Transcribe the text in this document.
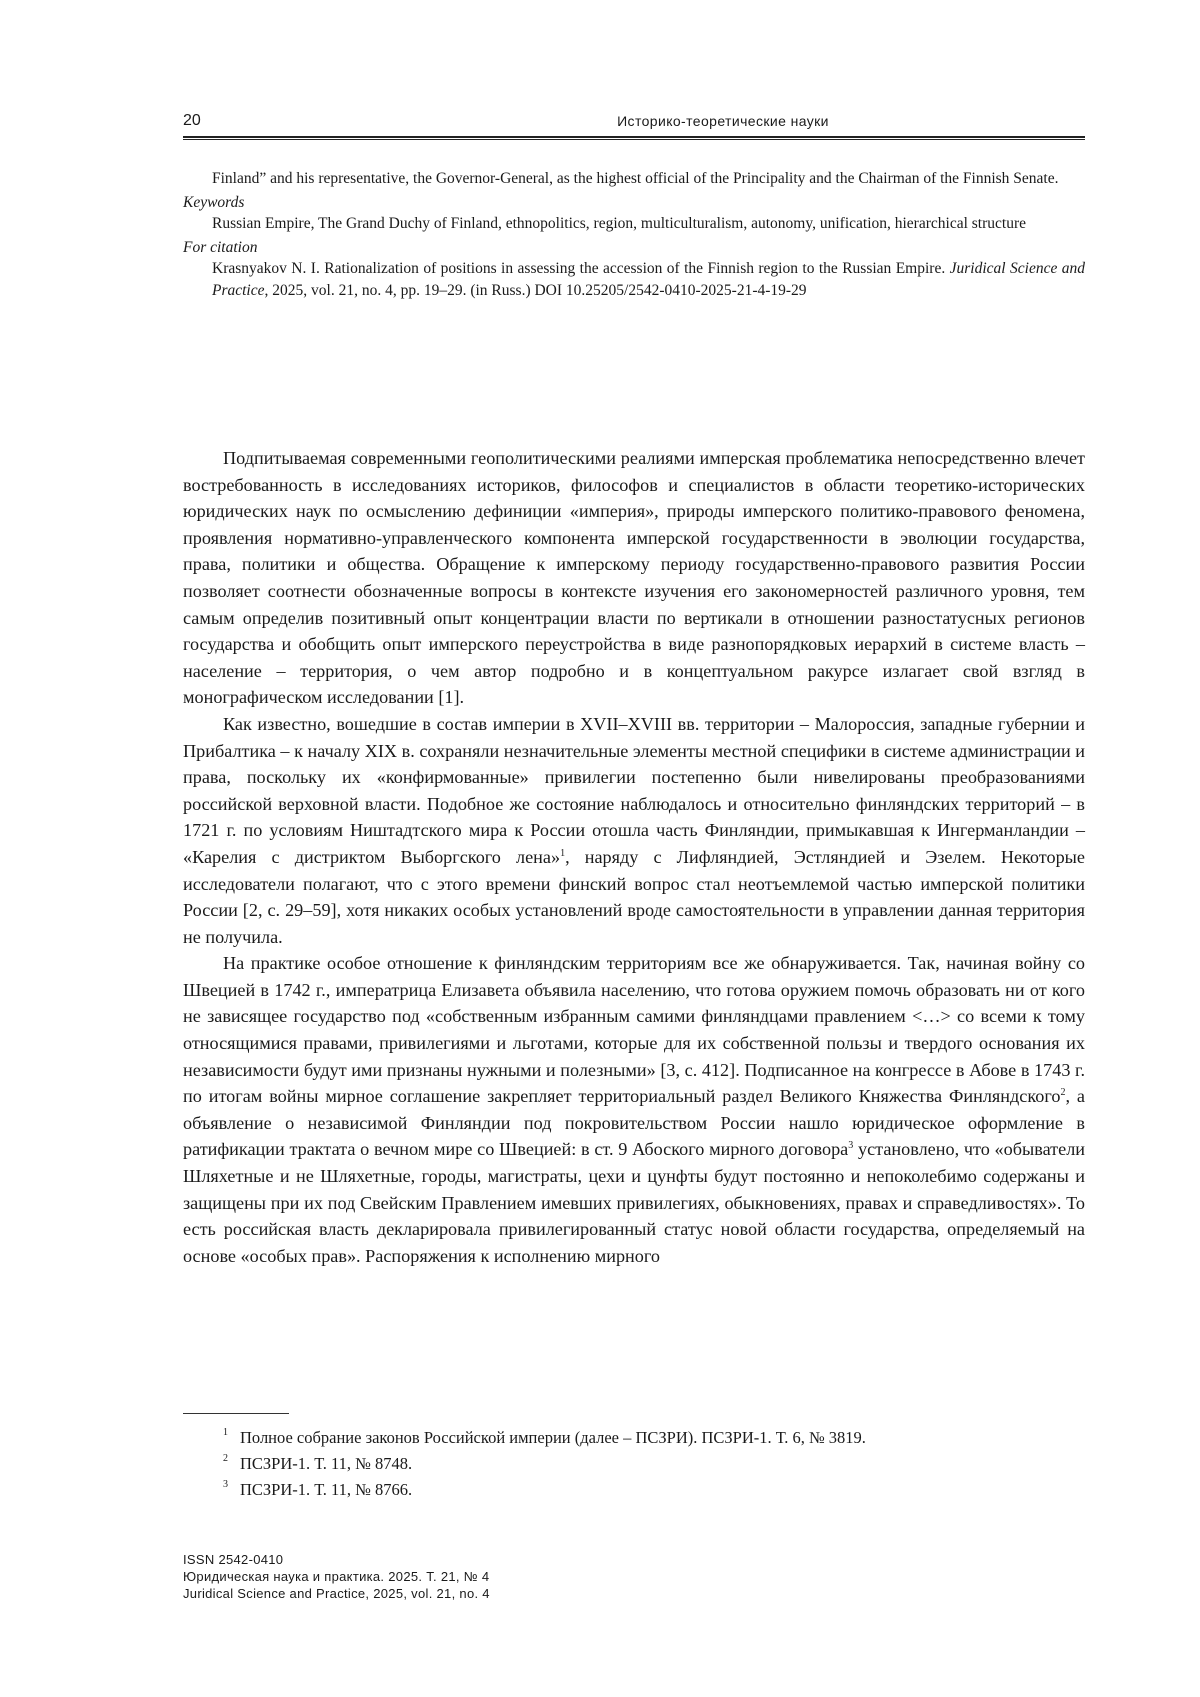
20	Историко-теоретические науки
Finland” and his representative, the Governor-General, as the highest official of the Principality and the Chairman of the Finnish Senate.
Keywords
Russian Empire, The Grand Duchy of Finland, ethnopolitics, region, multiculturalism, autonomy, unification, hierarchical structure
For citation
Krasnyakov N. I. Rationalization of positions in assessing the accession of the Finnish region to the Russian Empire. Juridical Science and Practice, 2025, vol. 21, no. 4, pp. 19–29. (in Russ.) DOI 10.25205/2542-0410-2025-21-4-19-29

Подпитываемая современными геополитическими реалиями имперская проблематика непосредственно влечет востребованность в исследованиях историков, философов и специалистов в области теоретико-исторических юридических наук по осмыслению дефиниции «империя», природы имперского политико-правового феномена, проявления нормативно-управленческого компонента имперской государственности в эволюции государства, права, политики и общества. Обращение к имперскому периоду государственно-правового развития России позволяет соотнести обозначенные вопросы в контексте изучения его закономерностей различного уровня, тем самым определив позитивный опыт концентрации власти по вертикали в отношении разностатусных регионов государства и обобщить опыт имперского переустройства в виде разнопорядковых иерархий в системе власть – население – территория, о чем автор подробно и в концептуальном ракурсе излагает свой взгляд в монографическом исследовании [1].

Как известно, вошедшие в состав империи в XVII–XVIII вв. территории – Малороссия, западные губернии и Прибалтика – к началу XIX в. сохраняли незначительные элементы местной специфики в системе администрации и права, поскольку их «конфирмованные» привилегии постепенно были нивелированы преобразованиями российской верховной власти. Подобное же состояние наблюдалось и относительно финляндских территорий – в 1721 г. по условиям Ништадтского мира к России отошла часть Финляндии, примыкавшая к Ингерманландии – «Карелия с дистриктом Выборгского лена»$^1$, наряду с Лифляндией, Эстляндией и Эзелем. Некоторые исследователи полагают, что с этого времени финский вопрос стал неотъемлемой частью имперской политики России [2, с. 29–59], хотя никаких особых установлений вроде самостоятельности в управлении данная территория не получила.

На практике особое отношение к финляндским территориям все же обнаруживается. Так, начиная войну со Швецией в 1742 г., императрица Елизавета объявила населению, что готова оружием помочь образовать ни от кого не зависящее государство под «собственным избранным самими финляндцами правлением <…> со всеми к тому относящимися правами, привилегиями и льготами, которые для их собственной пользы и твердого основания их независимости будут ими признаны нужными и полезными» [3, с. 412]. Подписанное на конгрессе в Абове в 1743 г. по итогам войны мирное соглашение закрепляет территориальный раздел Великого Княжества Финляндского$^2$, а объявление о независимой Финляндии под покровительством России нашло юридическое оформление в ратификации трактата о вечном мире со Швецией: в ст. 9 Абоского мирного договора$^3$ установлено, что «обыватели Шляхетные и не Шляхетные, городы, магистраты, цехи и цунфты будут постоянно и непоколебимо содержаны и защищены при их под Свейским Правлением имевших привилегиях, обыкновениях, правах и справедливостях». То есть российская власть декларировала привилегированный статус новой области государства, определяемый на основе «особых прав». Распоряжения к исполнению мирного

1 Полное собрание законов Российской империи (далее – ПСЗРИ). ПСЗРИ-1. Т. 6, № 3819.
2 ПСЗРИ-1. Т. 11, № 8748.
3 ПСЗРИ-1. Т. 11, № 8766.
ISSN 2542-0410
Юридическая наука и практика. 2025. Т. 21, № 4
Juridical Science and Practice, 2025, vol. 21, no. 4
